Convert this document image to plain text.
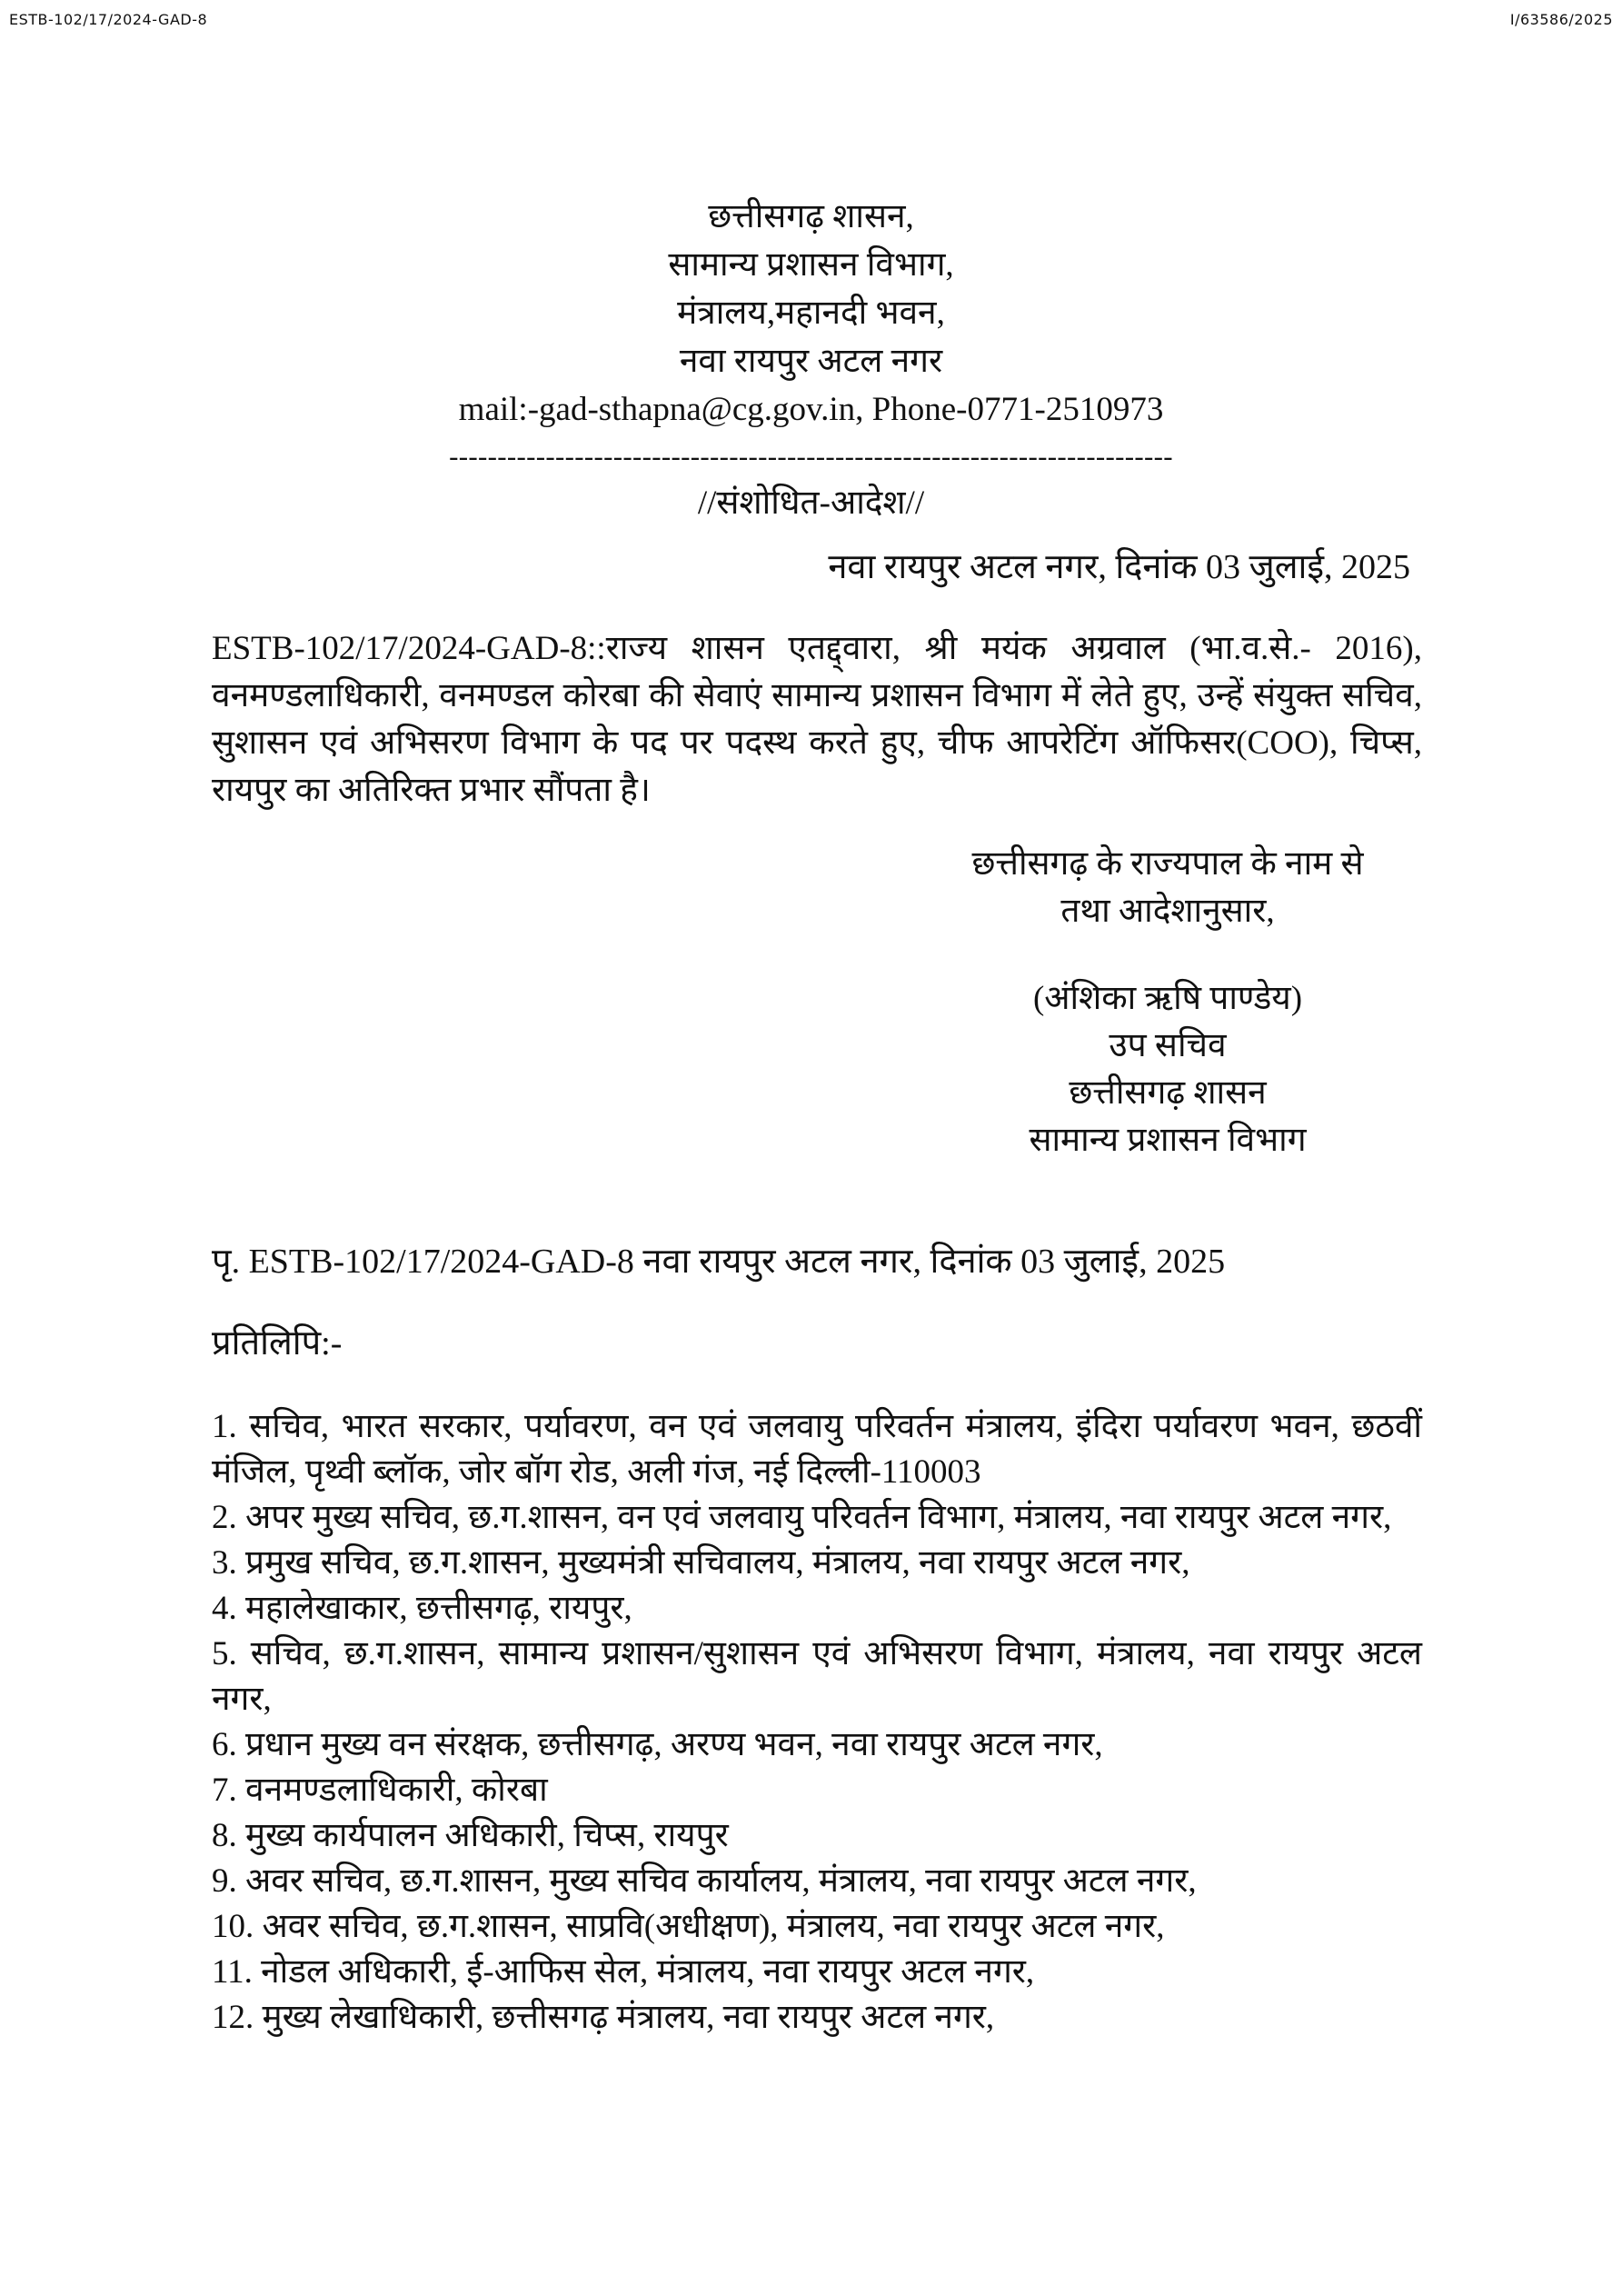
ESTB-102/17/2024-GAD-8	I/63586/2025
छत्तीसगढ़ शासन,
सामान्य प्रशासन विभाग,
मंत्रालय,महानदी भवन,
नवा रायपुर अटल नगर
mail:-gad-sthapna@cg.gov.in, Phone-0771-2510973
---------------------------------------------------------------------------
//संशोधित-आदेश//
नवा रायपुर अटल नगर, दिनांक 03 जुलाई, 2025
ESTB-102/17/2024-GAD-8::राज्य शासन एतद्द्वारा, श्री मयंक अग्रवाल (भा.व.से.- 2016), वनमण्डलाधिकारी, वनमण्डल कोरबा की सेवाएं सामान्य प्रशासन विभाग में लेते हुए, उन्हें संयुक्त सचिव, सुशासन एवं अभिसरण विभाग के पद पर पदस्थ करते हुए, चीफ आपरेटिंग ऑफिसर(COO), चिप्स, रायपुर का अतिरिक्त प्रभार सौंपता है।
छत्तीसगढ़ के राज्यपाल के नाम से
तथा आदेशानुसार,
(अंशिका ऋषि पाण्डेय)
उप सचिव
छत्तीसगढ़ शासन
सामान्य प्रशासन विभाग
पृ. ESTB-102/17/2024-GAD-8 नवा रायपुर अटल नगर, दिनांक 03 जुलाई, 2025
प्रतिलिपि:-
1. सचिव, भारत सरकार, पर्यावरण, वन एवं जलवायु परिवर्तन मंत्रालय, इंदिरा पर्यावरण भवन, छठवीं मंजिल, पृथ्वी ब्लॉक, जोर बॉग रोड, अली गंज, नई दिल्ली-110003
2. अपर मुख्य सचिव, छ.ग.शासन, वन एवं जलवायु परिवर्तन विभाग, मंत्रालय, नवा रायपुर अटल नगर,
3. प्रमुख सचिव, छ.ग.शासन, मुख्यमंत्री सचिवालय, मंत्रालय, नवा रायपुर अटल नगर,
4. महालेखाकार, छत्तीसगढ़, रायपुर,
5. सचिव, छ.ग.शासन, सामान्य प्रशासन/सुशासन एवं अभिसरण विभाग, मंत्रालय, नवा रायपुर अटल नगर,
6. प्रधान मुख्य वन संरक्षक, छत्तीसगढ़, अरण्य भवन, नवा रायपुर अटल नगर,
7. वनमण्डलाधिकारी, कोरबा
8. मुख्य कार्यपालन अधिकारी, चिप्स, रायपुर
9. अवर सचिव, छ.ग.शासन, मुख्य सचिव कार्यालय, मंत्रालय, नवा रायपुर अटल नगर,
10. अवर सचिव, छ.ग.शासन, साप्रवि(अधीक्षण), मंत्रालय, नवा रायपुर अटल नगर,
11. नोडल अधिकारी, ई-आफिस सेल, मंत्रालय, नवा रायपुर अटल नगर,
12. मुख्य लेखाधिकारी, छत्तीसगढ़ मंत्रालय, नवा रायपुर अटल नगर,
